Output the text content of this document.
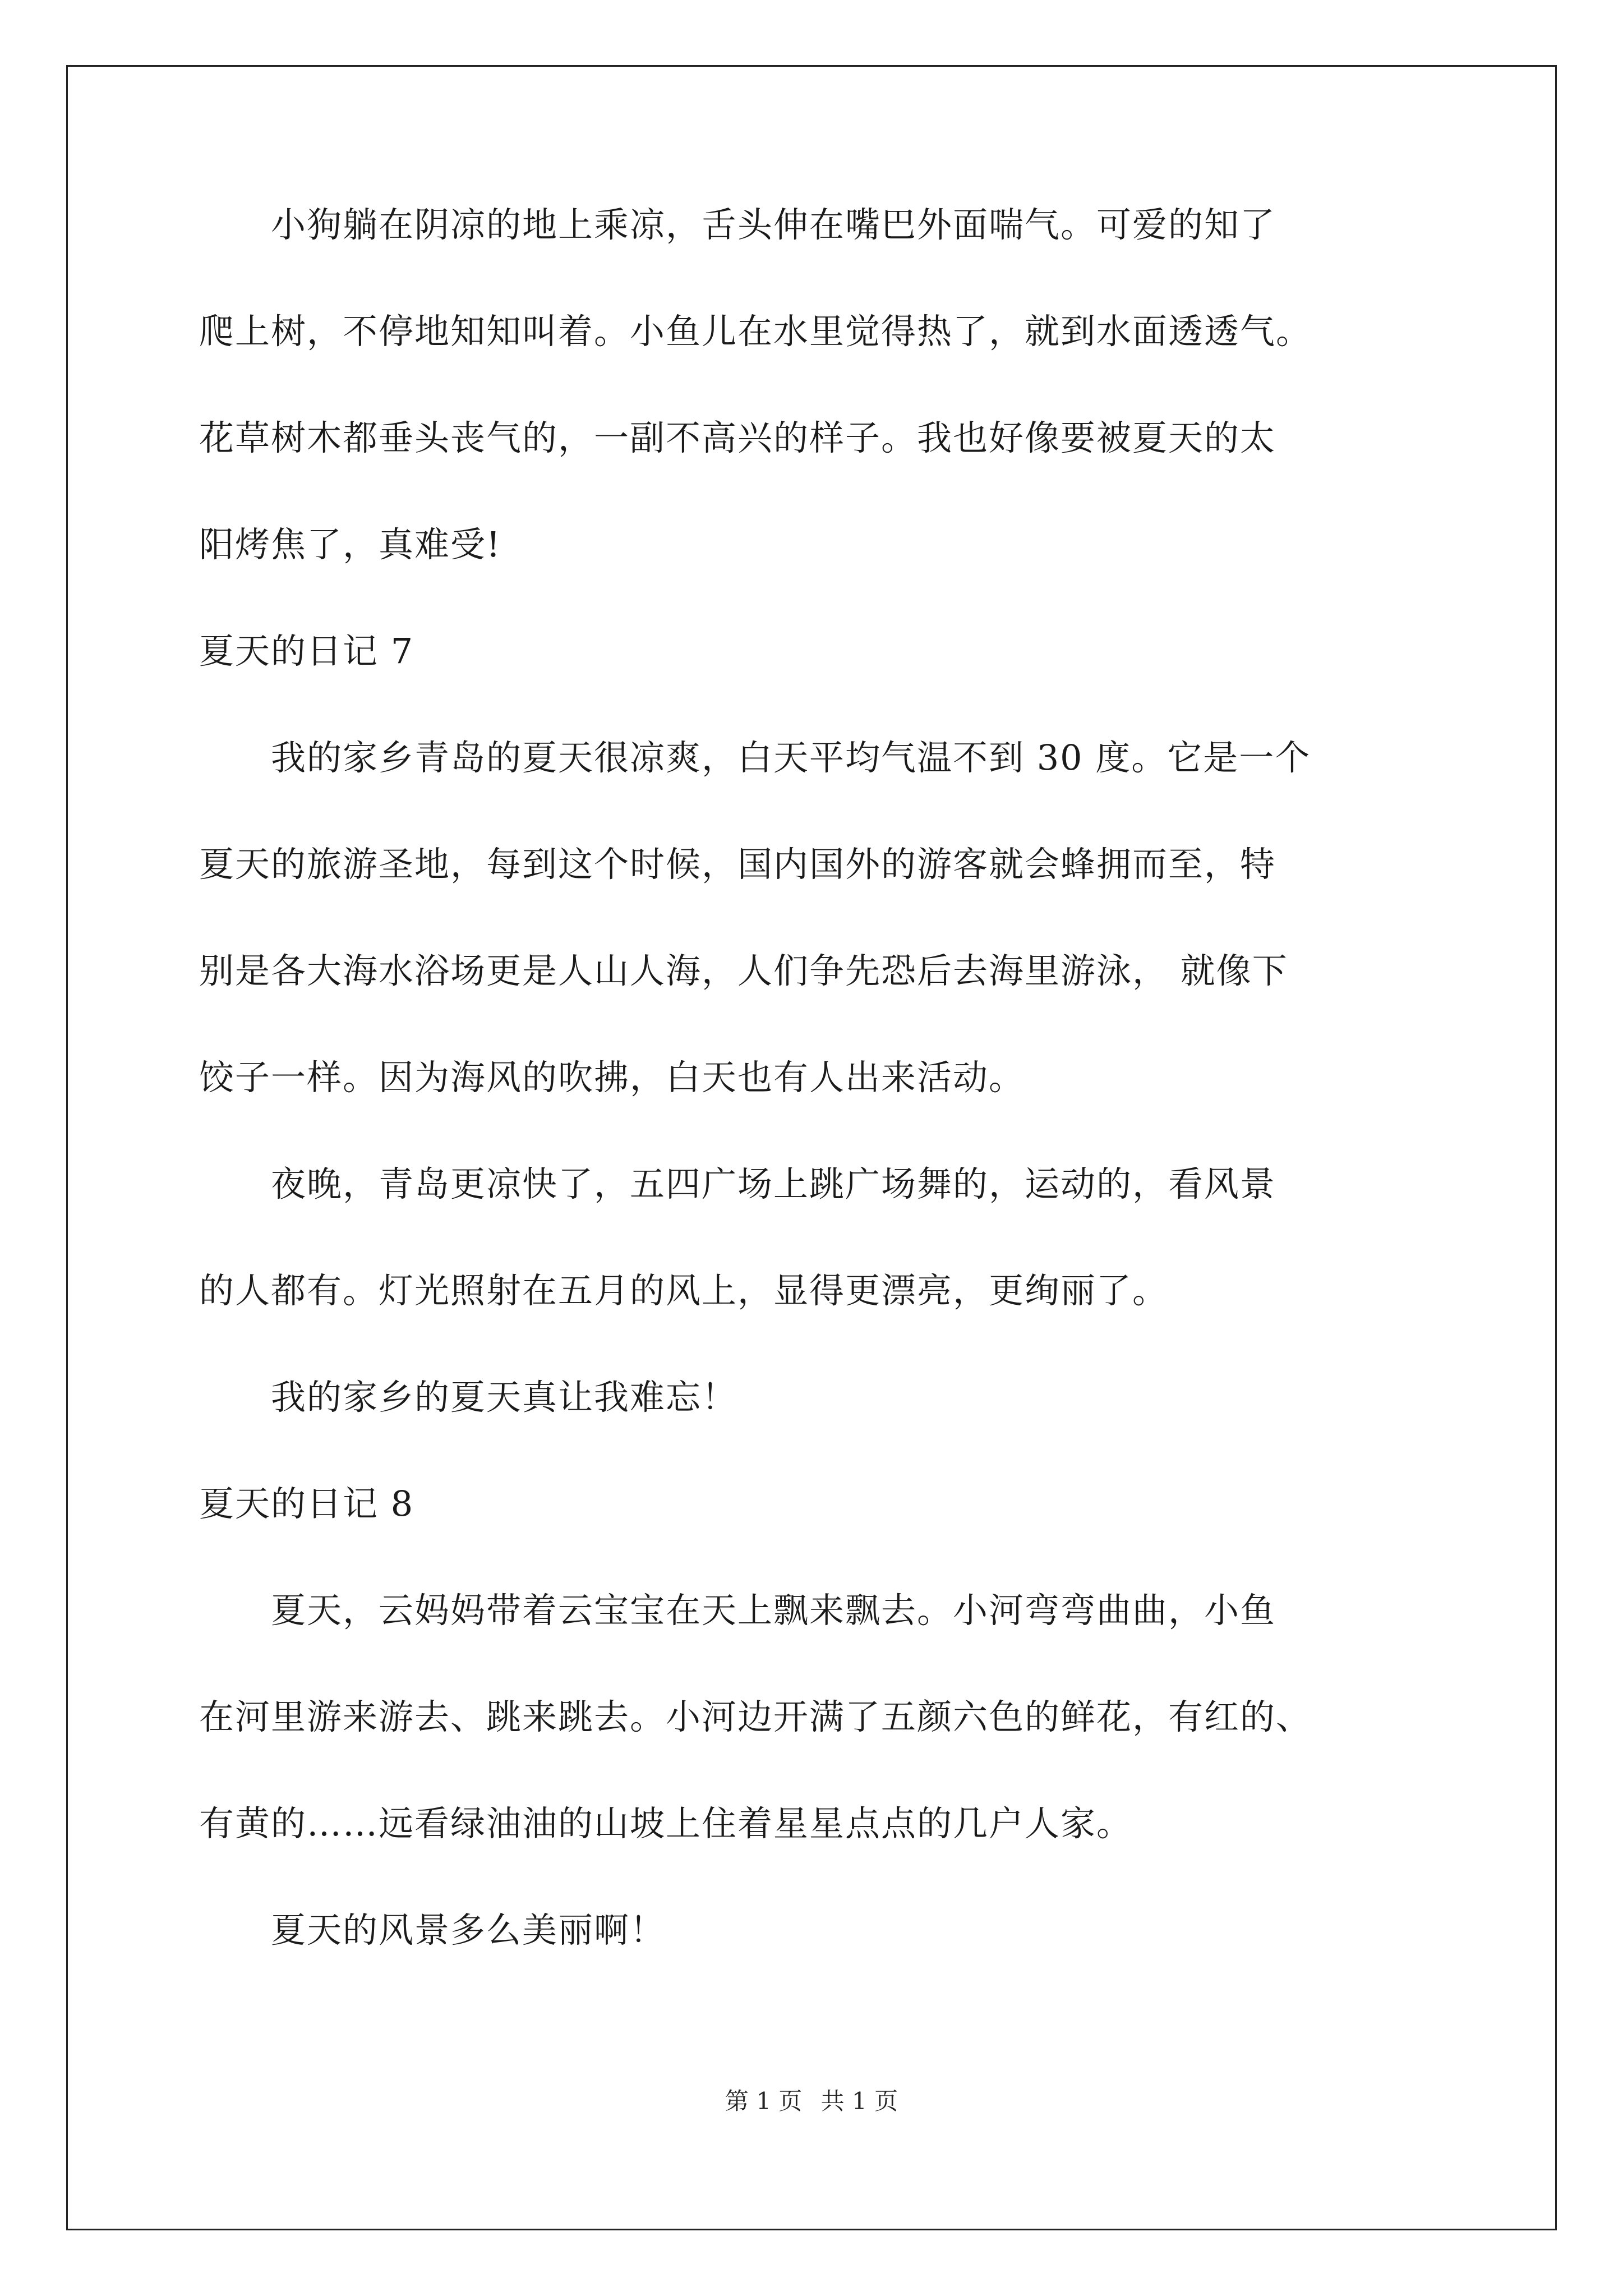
　　小狗躺在阴凉的地上乘凉，舌头伸在嘴巴外面喘气。可爱的知了
爬上树，不停地知知叫着。小鱼儿在水里觉得热了，就到水面透透气。
花草树木都垂头丧气的，一副不高兴的样子。我也好像要被夏天的太
阳烤焦了，真难受!
夏天的日记 7
　　我的家乡青岛的夏天很凉爽，白天平均气温不到 30 度。它是一个
夏天的旅游圣地，每到这个时候，国内国外的游客就会蜂拥而至，特
别是各大海水浴场更是人山人海，人们争先恐后去海里游泳， 就像下
饺子一样。因为海风的吹拂，白天也有人出来活动。
　　夜晚，青岛更凉快了，五四广场上跳广场舞的，运动的，看风景
的人都有。灯光照射在五月的风上，显得更漂亮，更绚丽了。
　　我的家乡的夏天真让我难忘！
夏天的日记 8
　　夏天，云妈妈带着云宝宝在天上飘来飘去。小河弯弯曲曲，小鱼
在河里游来游去、跳来跳去。小河边开满了五颜六色的鲜花，有红的、
有黄的……远看绿油油的山坡上住着星星点点的几户人家。
　　夏天的风景多么美丽啊！
第 1 页 共 1 页
